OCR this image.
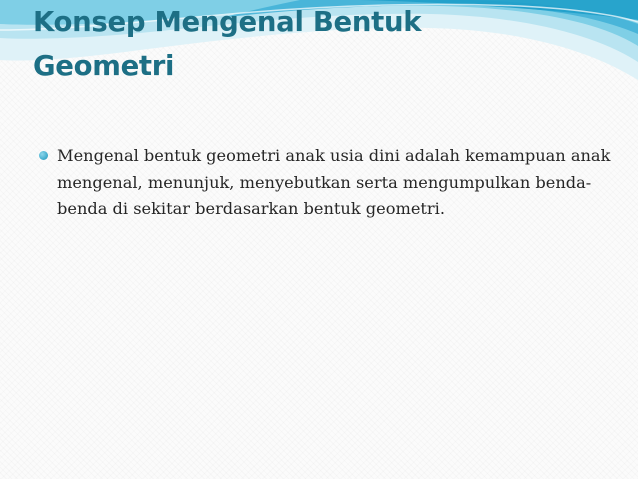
Konsep Mengenal Bentuk Geometri
Mengenal bentuk geometri anak usia dini adalah kemampuan anak mengenal, menunjuk, menyebutkan serta mengumpulkan benda-benda di sekitar berdasarkan bentuk geometri.
